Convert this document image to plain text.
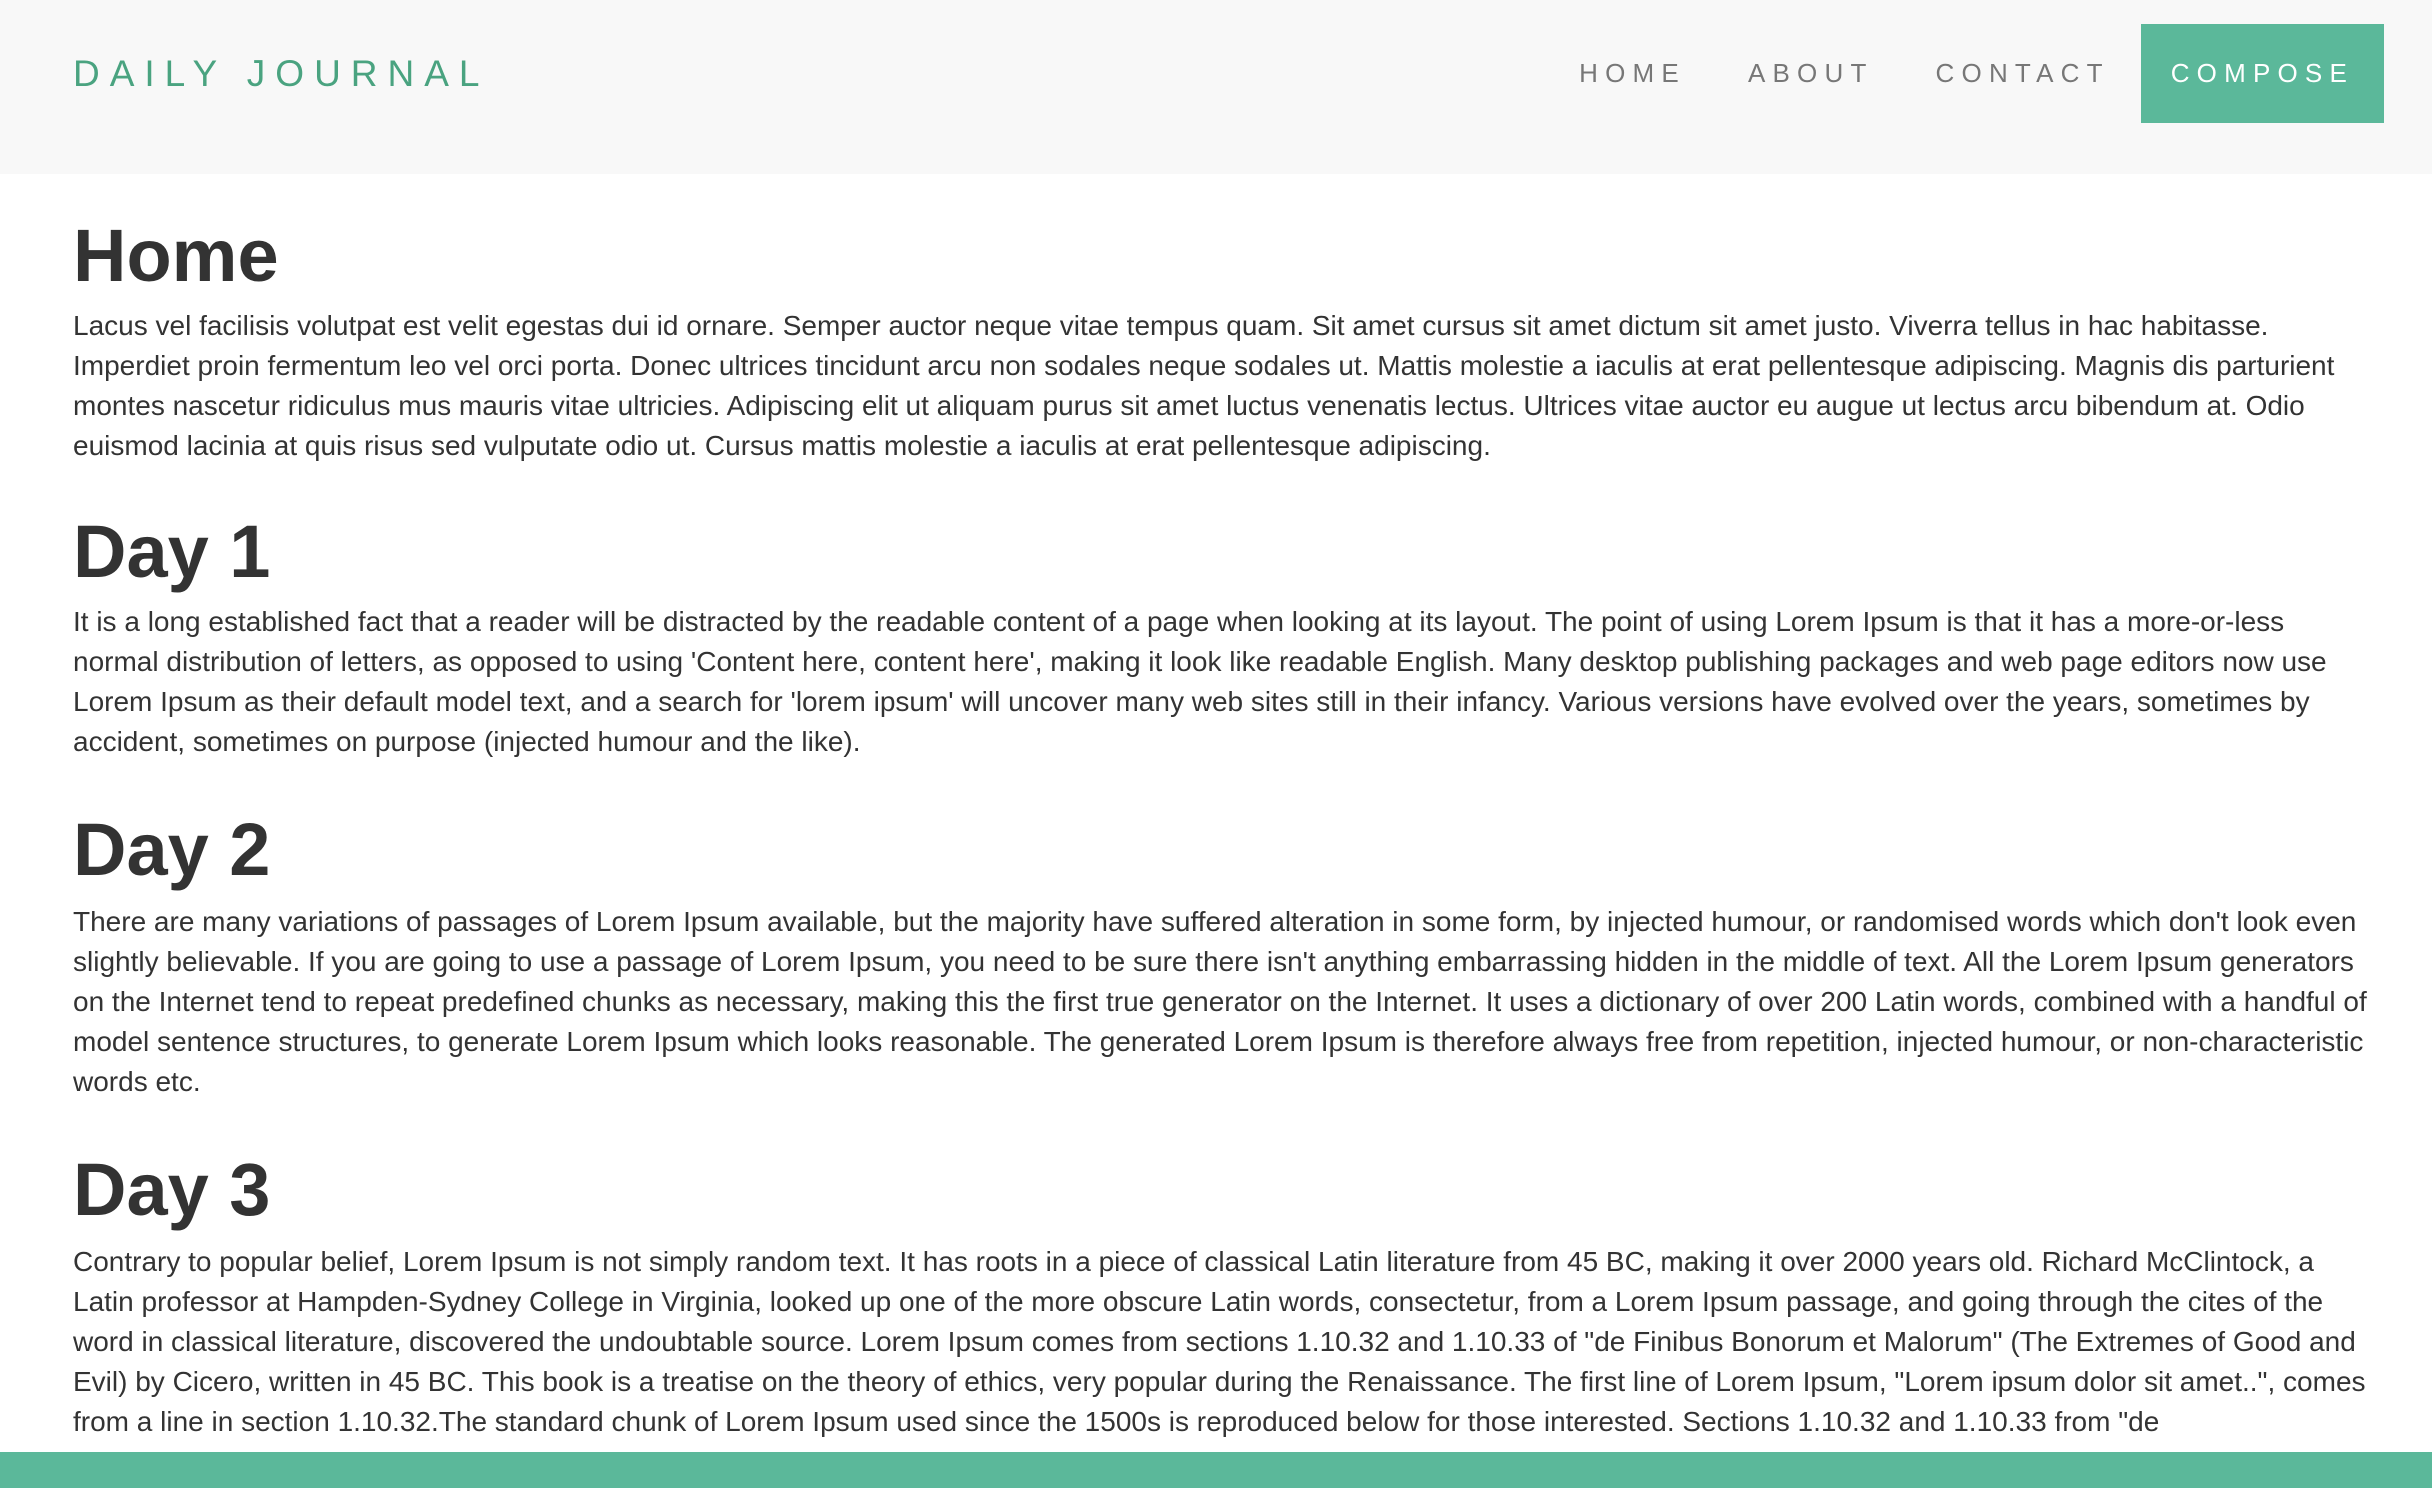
DAILY JOURNAL	HOME	ABOUT	CONTACT	COMPOSE
Home

Lacus vel facilisis volutpat est velit egestas dui id ornare. Semper auctor neque vitae tempus quam. Sit amet cursus sit amet dictum sit amet justo. Viverra tellus in hac habitasse. Imperdiet proin fermentum leo vel orci porta. Donec ultrices tincidunt arcu non sodales neque sodales ut. Mattis molestie a iaculis at erat pellentesque adipiscing. Magnis dis parturient montes nascetur ridiculus mus mauris vitae ultricies. Adipiscing elit ut aliquam purus sit amet luctus venenatis lectus. Ultrices vitae auctor eu augue ut lectus arcu bibendum at. Odio euismod lacinia at quis risus sed vulputate odio ut. Cursus mattis molestie a iaculis at erat pellentesque adipiscing.

Day 1

It is a long established fact that a reader will be distracted by the readable content of a page when looking at its layout. The point of using Lorem Ipsum is that it has a more-or-less normal distribution of letters, as opposed to using 'Content here, content here', making it look like readable English. Many desktop publishing packages and web page editors now use Lorem Ipsum as their default model text, and a search for 'lorem ipsum' will uncover many web sites still in their infancy. Various versions have evolved over the years, sometimes by accident, sometimes on purpose (injected humour and the like).

Day 2

There are many variations of passages of Lorem Ipsum available, but the majority have suffered alteration in some form, by injected humour, or randomised words which don't look even slightly believable. If you are going to use a passage of Lorem Ipsum, you need to be sure there isn't anything embarrassing hidden in the middle of text. All the Lorem Ipsum generators on the Internet tend to repeat predefined chunks as necessary, making this the first true generator on the Internet. It uses a dictionary of over 200 Latin words, combined with a handful of model sentence structures, to generate Lorem Ipsum which looks reasonable. The generated Lorem Ipsum is therefore always free from repetition, injected humour, or non-characteristic words etc.

Day 3

Contrary to popular belief, Lorem Ipsum is not simply random text. It has roots in a piece of classical Latin literature from 45 BC, making it over 2000 years old. Richard McClintock, a Latin professor at Hampden-Sydney College in Virginia, looked up one of the more obscure Latin words, consectetur, from a Lorem Ipsum passage, and going through the cites of the word in classical literature, discovered the undoubtable source. Lorem Ipsum comes from sections 1.10.32 and 1.10.33 of "de Finibus Bonorum et Malorum" (The Extremes of Good and Evil) by Cicero, written in 45 BC. This book is a treatise on the theory of ethics, very popular during the Renaissance. The first line of Lorem Ipsum, "Lorem ipsum dolor sit amet..", comes from a line in section 1.10.32.The standard chunk of Lorem Ipsum used since the 1500s is reproduced below for those interested. Sections 1.10.32 and 1.10.33 from "de
